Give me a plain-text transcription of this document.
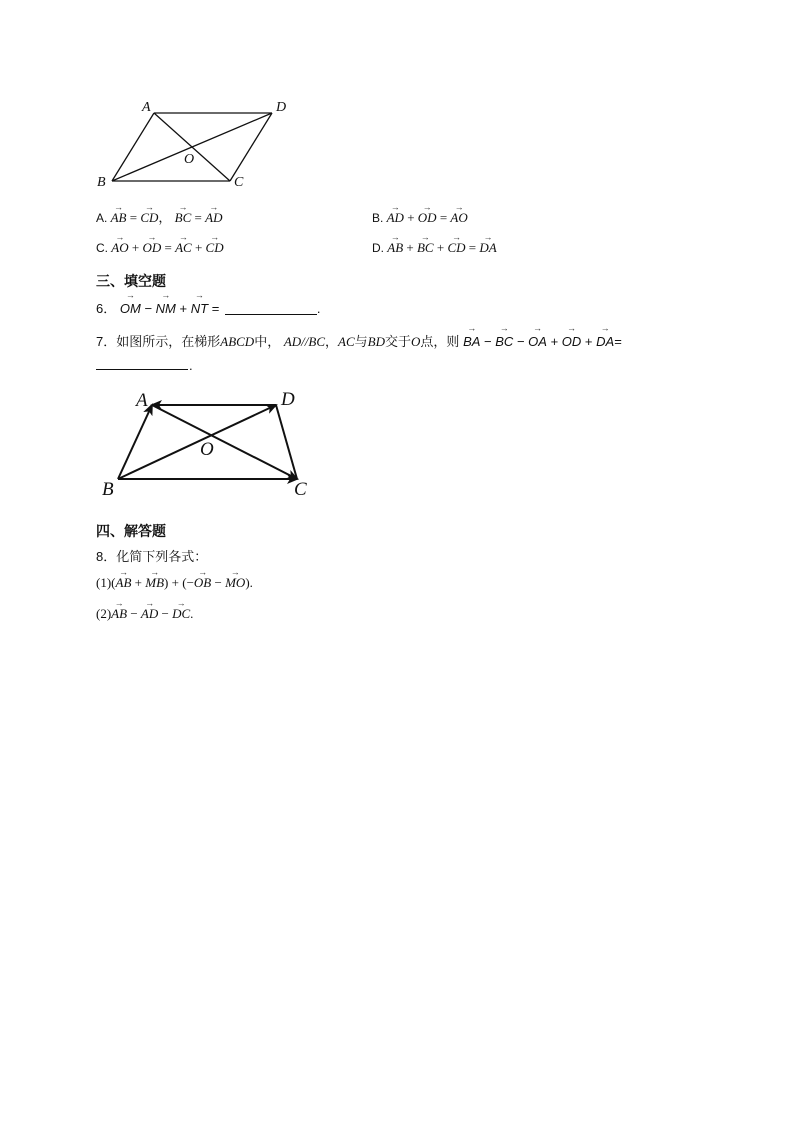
A	D
O
B	C
A. → AB = → CD， → BC = → AD	B. → AD + → OD = → AO
C. → AO + → OD = → AC + → CD	D. → AB + → BC + → CD = → DA
三、填空题
6． → OM − → NM + → NT =	.
7．如图所示，在梯形ABCD中， AD//BC，AC与BD交于O点，则 → BA − → BC − → OA + → OD + → DA=
.
A	D
O
B	C
四、解答题
8．化简下列各式：
(1)(→ AB + → MB) + (−→ OB − → MO).
(2)→ AB − → AD − → DC.
